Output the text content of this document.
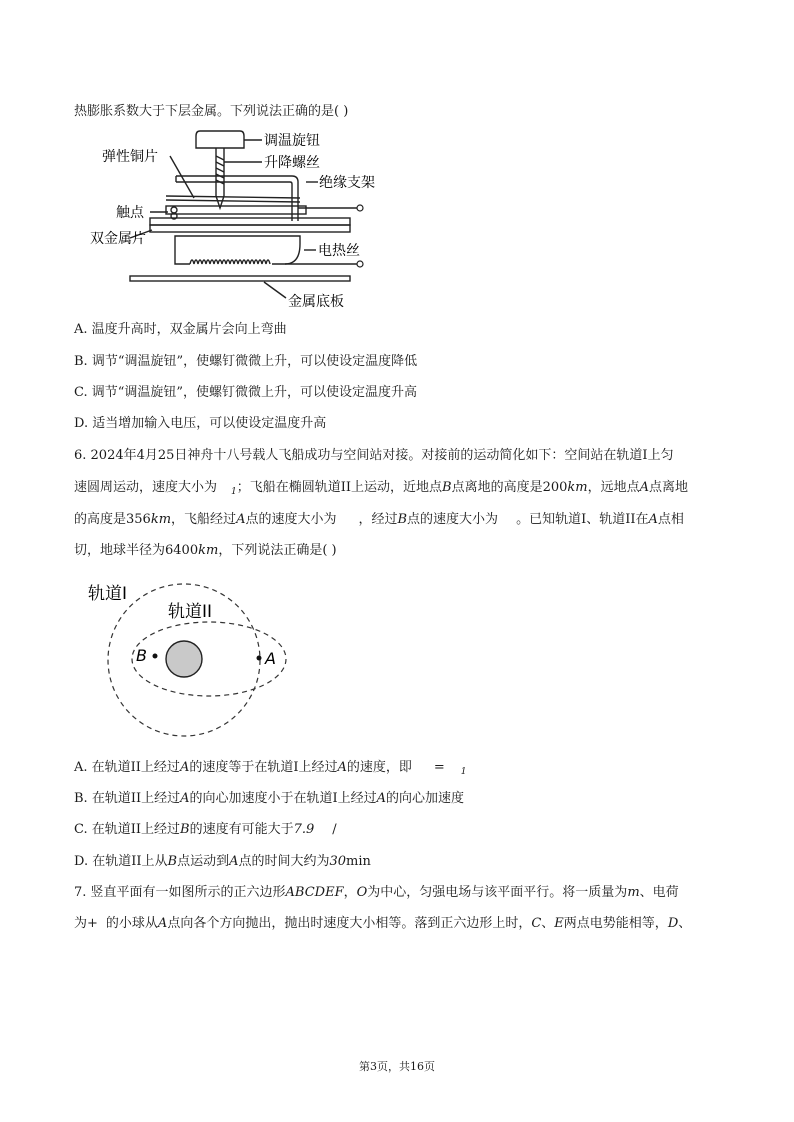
热膨胀系数大于下层金属。下列说法正确的是( )
调温旋钮
升降螺丝
弹性铜片
绝缘支架
触点
双金属片
电热丝
金属底板
A. 温度升高时，双金属片会向上弯曲
B. 调节“调温旋钮”，使螺钉微微上升，可以使设定温度降低
C. 调节“调温旋钮”，使螺钉微微上升，可以使设定温度升高
D. 适当增加输入电压，可以使设定温度升高
6. 2024年4月25日神舟十八号载人飞船成功与空间站对接。对接前的运动简化如下：空间站在轨道I上匀
速圆周运动，速度大小为 $_1$；飞船在椭圆轨道II上运动，近地点B点离地的高度是200km，远地点A点离地
的高度是356km，飞船经过A点的速度大小为 ，经过B点的速度大小为 。已知轨道I、轨道II在A点相
切，地球半径为6400km，下列说法正确是( )
轨道I
轨道II
B	A
A. 在轨道II上经过A的速度等于在轨道I上经过A的速度，即 = $_1$
B. 在轨道II上经过A的向心加速度小于在轨道I上经过A的向心加速度
C. 在轨道II上经过B的速度有可能大于7.9 /
D. 在轨道II上从B点运动到A点的时间大约为30min
7. 竖直平面有一如图所示的正六边形ABCDEF，O为中心，匀强电场与该平面平行。将一质量为m、电荷
为+ 的小球从A点向各个方向抛出，抛出时速度大小相等。落到正六边形上时，C、E两点电势能相等，D、
第3页，共16页
